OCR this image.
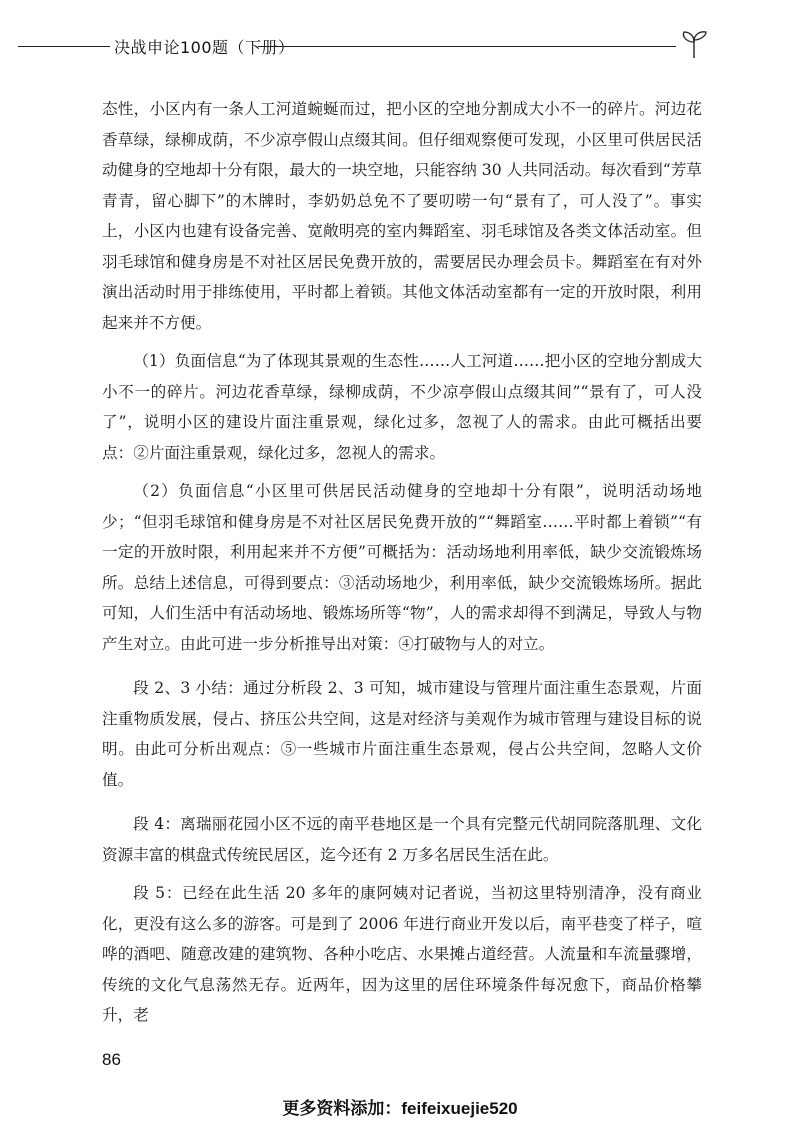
决战申论100题（下册）

态性，小区内有一条人工河道蜿蜒而过，把小区的空地分割成大小不一的碎片。河边花香草绿，绿柳成荫，不少凉亭假山点缀其间。但仔细观察便可发现，小区里可供居民活动健身的空地却十分有限，最大的一块空地，只能容纳 30 人共同活动。每次看到“芳草青青，留心脚下”的木牌时，李奶奶总免不了要叨唠一句“景有了，可人没了”。事实上，小区内也建有设备完善、宽敞明亮的室内舞蹈室、羽毛球馆及各类文体活动室。但羽毛球馆和健身房是不对社区居民免费开放的，需要居民办理会员卡。舞蹈室在有对外演出活动时用于排练使用，平时都上着锁。其他文体活动室都有一定的开放时限，利用起来并不方便。

（1）负面信息“为了体现其景观的生态性……人工河道……把小区的空地分割成大小不一的碎片。河边花香草绿，绿柳成荫，不少凉亭假山点缀其间”“景有了，可人没了”，说明小区的建设片面注重景观，绿化过多，忽视了人的需求。由此可概括出要点：②片面注重景观，绿化过多，忽视人的需求。

（2）负面信息“小区里可供居民活动健身的空地却十分有限”，说明活动场地少；“但羽毛球馆和健身房是不对社区居民免费开放的”“舞蹈室……平时都上着锁”“有一定的开放时限，利用起来并不方便”可概括为：活动场地利用率低，缺少交流锻炼场所。总结上述信息，可得到要点：③活动场地少，利用率低，缺少交流锻炼场所。据此可知，人们生活中有活动场地、锻炼场所等“物”，人的需求却得不到满足，导致人与物产生对立。由此可进一步分析推导出对策：④打破物与人的对立。

段 2、3 小结：通过分析段 2、3 可知，城市建设与管理片面注重生态景观，片面注重物质发展，侵占、挤压公共空间，这是对经济与美观作为城市管理与建设目标的说明。由此可分析出观点：⑤一些城市片面注重生态景观，侵占公共空间，忽略人文价值。

段 4：离瑞丽花园小区不远的南平巷地区是一个具有完整元代胡同院落肌理、文化资源丰富的棋盘式传统民居区，迄今还有 2 万多名居民生活在此。

段 5：已经在此生活 20 多年的康阿姨对记者说，当初这里特别清净，没有商业化，更没有这么多的游客。可是到了 2006 年进行商业开发以后，南平巷变了样子，喧哗的酒吧、随意改建的建筑物、各种小吃店、水果摊占道经营。人流量和车流量骤增，传统的文化气息荡然无存。近两年，因为这里的居住环境条件每况愈下，商品价格攀升，老

86
更多资料添加：feifeixuejie520
